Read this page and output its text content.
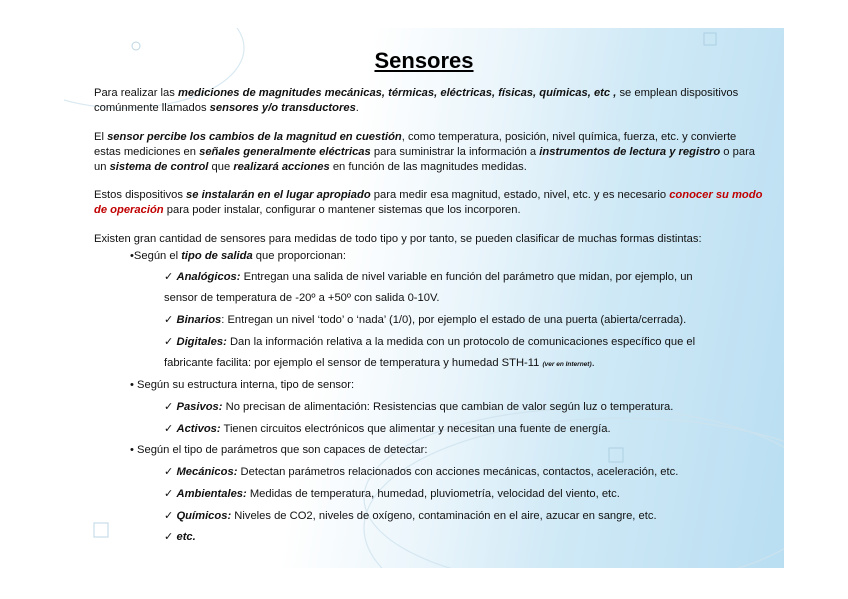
Sensores

Para realizar las mediciones de magnitudes mecánicas, térmicas, eléctricas, físicas, químicas, etc , se emplean dispositivos comúnmente llamados sensores y/o transductores.

El sensor percibe los cambios de la magnitud en cuestión, como temperatura, posición, nivel química, fuerza, etc. y convierte estas mediciones en señales generalmente eléctricas para suministrar la información a instrumentos de lectura y registro o para un sistema de control que realizará acciones en función de las magnitudes medidas.

Estos dispositivos se instalarán en el lugar apropiado para medir esa magnitud, estado, nivel, etc. y es necesario conocer su modo de operación para poder instalar, configurar o mantener sistemas que los incorporen.

Existen gran cantidad de sensores para medidas de todo tipo y por tanto, se pueden clasificar de muchas formas distintas:

•Según el tipo de salida que proporcionan:

✓ Analógicos: Entregan una salida de nivel variable en función del parámetro que midan, por ejemplo, un

sensor de temperatura de -20º a +50º con salida 0-10V.

✓ Binarios: Entregan un nivel ‘todo’ o ‘nada’ (1/0), por ejemplo el estado de una puerta (abierta/cerrada).

✓ Digitales: Dan la información relativa a la medida con un protocolo de comunicaciones específico que el

fabricante facilita: por ejemplo el sensor de temperatura y humedad STH-11 (ver en Internet).

• Según su estructura interna, tipo de sensor:

✓ Pasivos: No precisan de alimentación: Resistencias que cambian de valor según luz o temperatura.

✓ Activos: Tienen circuitos electrónicos que alimentar y necesitan una fuente de energía.

• Según el tipo de parámetros que son capaces de detectar:

✓ Mecánicos: Detectan parámetros relacionados con acciones mecánicas, contactos, aceleración, etc.

✓ Ambientales: Medidas de temperatura, humedad, pluviometría, velocidad del viento, etc.

✓ Químicos: Niveles de CO2, niveles de oxígeno, contaminación en el aire, azucar en sangre, etc.

✓ etc.
